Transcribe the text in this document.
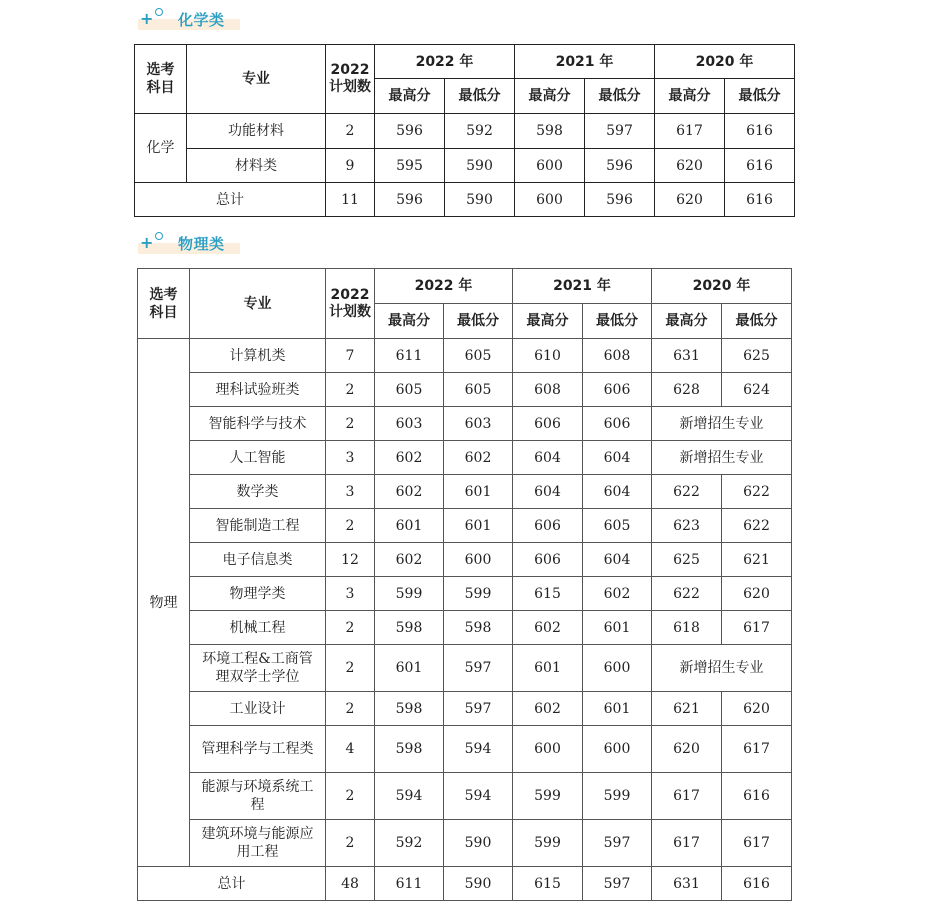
+ 化学类
选考科目	专业	2022计划数	2022 年		2021 年		2020 年	
			最高分	最低分	最高分	最低分	最高分	最低分
化学	功能材料	2	596	592	598	597	617	616
	材料类	9	595	590	600	596	620	616
总计		11	596	590	600	596	620	616
+ 物理类
选考科目	专业	2022计划数	2022 年		2021 年		2020 年	
			最高分	最低分	最高分	最低分	最高分	最低分
物理	计算机类	7	611	605	610	608	631	625
	理科试验班类	2	605	605	608	606	628	624
	智能科学与技术	2	603	603	606	606	新增招生专业	
	人工智能	3	602	602	604	604	新增招生专业	
	数学类	3	602	601	604	604	622	622
	智能制造工程	2	601	601	606	605	623	622
	电子信息类	12	602	600	606	604	625	621
	物理学类	3	599	599	615	602	622	620
	机械工程	2	598	598	602	601	618	617
	环境工程&工商管理双学士学位	2	601	597	601	600	新增招生专业	
	工业设计	2	598	597	602	601	621	620
	管理科学与工程类	4	598	594	600	600	620	617
	能源与环境系统工程	2	594	594	599	599	617	616
	建筑环境与能源应用工程	2	592	590	599	597	617	617
总计		48	611	590	615	597	631	616
